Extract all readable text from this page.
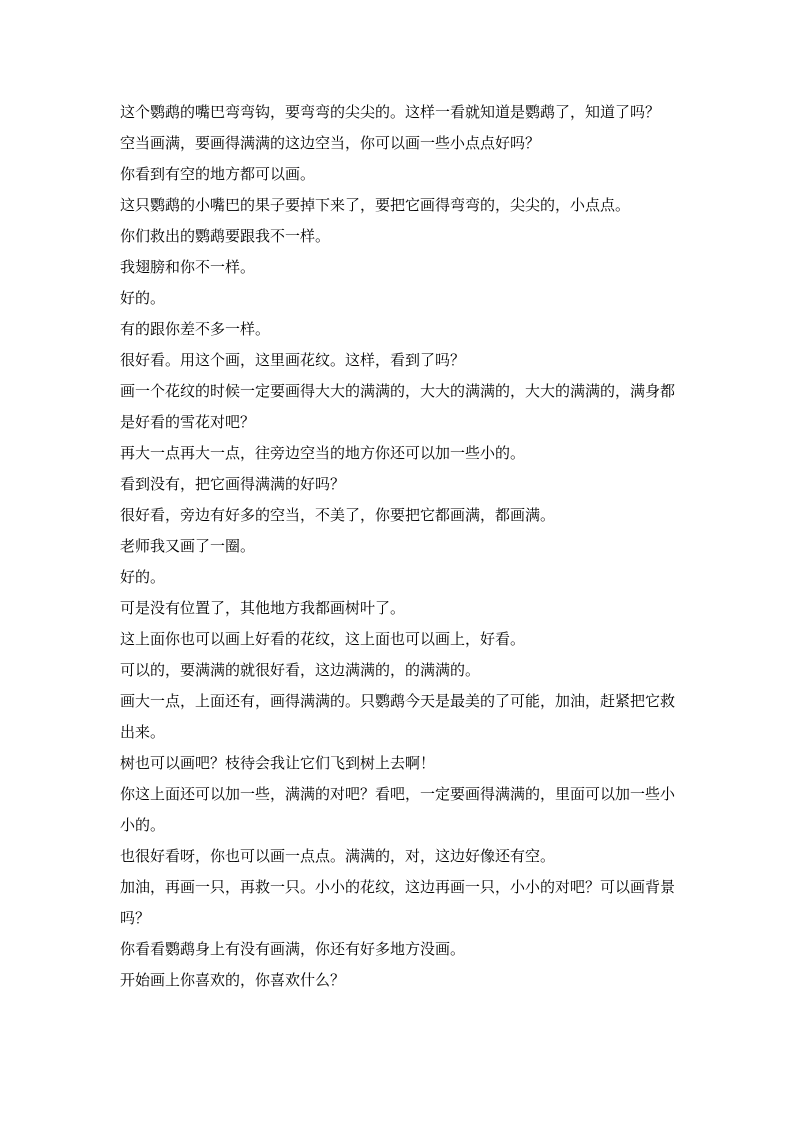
这个鹦鹉的嘴巴弯弯钩，要弯弯的尖尖的。这样一看就知道是鹦鹉了，知道了吗？

空当画满，要画得满满的这边空当，你可以画一些小点点好吗？

你看到有空的地方都可以画。

这只鹦鹉的小嘴巴的果子要掉下来了，要把它画得弯弯的，尖尖的，小点点。

你们救出的鹦鹉要跟我不一样。

我翅膀和你不一样。

好的。

有的跟你差不多一样。

很好看。用这个画，这里画花纹。这样，看到了吗？

画一个花纹的时候一定要画得大大的满满的，大大的满满的，大大的满满的，满身都是好看的雪花对吧？

再大一点再大一点，往旁边空当的地方你还可以加一些小的。

看到没有，把它画得满满的好吗？

很好看，旁边有好多的空当，不美了，你要把它都画满，都画满。

老师我又画了一圈。

好的。

可是没有位置了，其他地方我都画树叶了。

这上面你也可以画上好看的花纹，这上面也可以画上，好看。

可以的，要满满的就很好看，这边满满的，的满满的。

画大一点，上面还有，画得满满的。只鹦鹉今天是最美的了可能，加油，赶紧把它救出来。

树也可以画吧？枝待会我让它们飞到树上去啊！

你这上面还可以加一些，满满的对吧？看吧，一定要画得满满的，里面可以加一些小小的。

也很好看呀，你也可以画一点点。满满的，对，这边好像还有空。

加油，再画一只，再救一只。小小的花纹，这边再画一只，小小的对吧？可以画背景吗？

你看看鹦鹉身上有没有画满，你还有好多地方没画。

开始画上你喜欢的，你喜欢什么？
